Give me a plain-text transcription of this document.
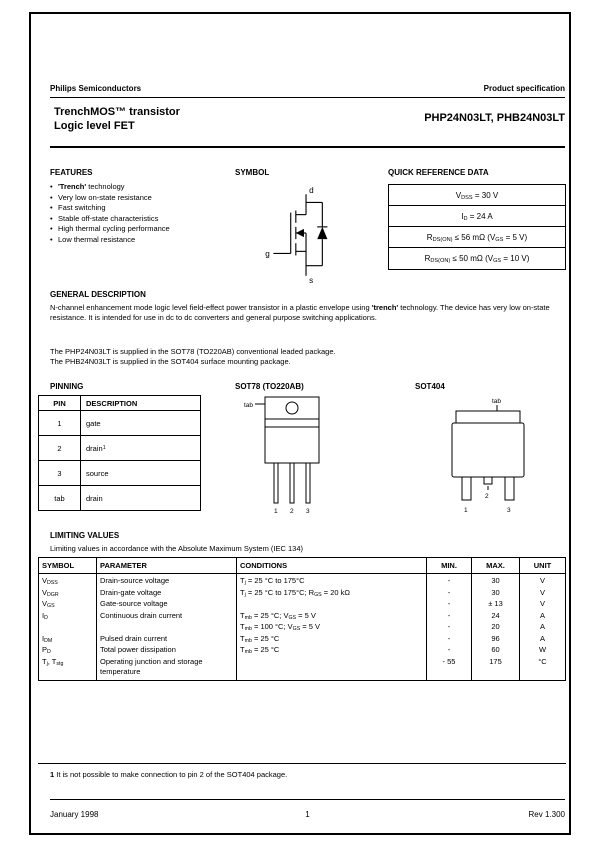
Philips Semiconductors	Product specification
TrenchMOS™ transistor
Logic level FET
PHP24N03LT, PHB24N03LT
FEATURES
• 'Trench' technology
• Very low on-state resistance
• Fast switching
• Stable off-state characteristics
• High thermal cycling performance
• Low thermal resistance
SYMBOL
d
g
s
QUICK REFERENCE DATA
$V_{DSS} = 30$ V
$I_D = 24$ A
$R_{DS(ON)} \le 56$ mΩ ($V_{GS} = 5$ V)
$R_{DS(ON)} \le 50$ mΩ ($V_{GS} = 10$ V)
GENERAL DESCRIPTION
N-channel enhancement mode logic level field-effect power transistor in a plastic envelope using 'trench' technology. The device has very low on-state resistance. It is intended for use in dc to dc converters and general purpose switching applications.
The PHP24N03LT is supplied in the SOT78 (TO220AB) conventional leaded package.
The PHB24N03LT is supplied in the SOT404 surface mounting package.
PINNING
PIN	DESCRIPTION
1	gate
2	drain$^1$
3	source
tab	drain
SOT78 (TO220AB)
tab
1 2 3
SOT404
tab
2
1	3
LIMITING VALUES
Limiting values in accordance with the Absolute Maximum System (IEC 134)
SYMBOL	PARAMETER	CONDITIONS	MIN.	MAX.	UNIT
$V_{DSS}$	Drain-source voltage	$T_j = 25$ °C to 175°C	-	30	V
$V_{DGR}$	Drain-gate voltage	$T_j = 25$ °C to 175°C; $R_{GS} = 20$ kΩ	-	30	V
$V_{GS}$	Gate-source voltage		-	± 13	V
$I_D$	Continuous drain current	$T_{mb} = 25$ °C; $V_{GS} = 5$ V	-	24	A
		$T_{mb} = 100$ °C; $V_{GS} = 5$ V	-	20	A
$I_{DM}$	Pulsed drain current	$T_{mb} = 25$ °C	-	96	A
$P_D$	Total power dissipation	$T_{mb} = 25$ °C	-	60	W
$T_j$, $T_{stg}$	Operating junction and storage temperature		- 55	175	°C
1 It is not possible to make connection to pin 2 of the SOT404 package.
January 1998	1	Rev 1.300
